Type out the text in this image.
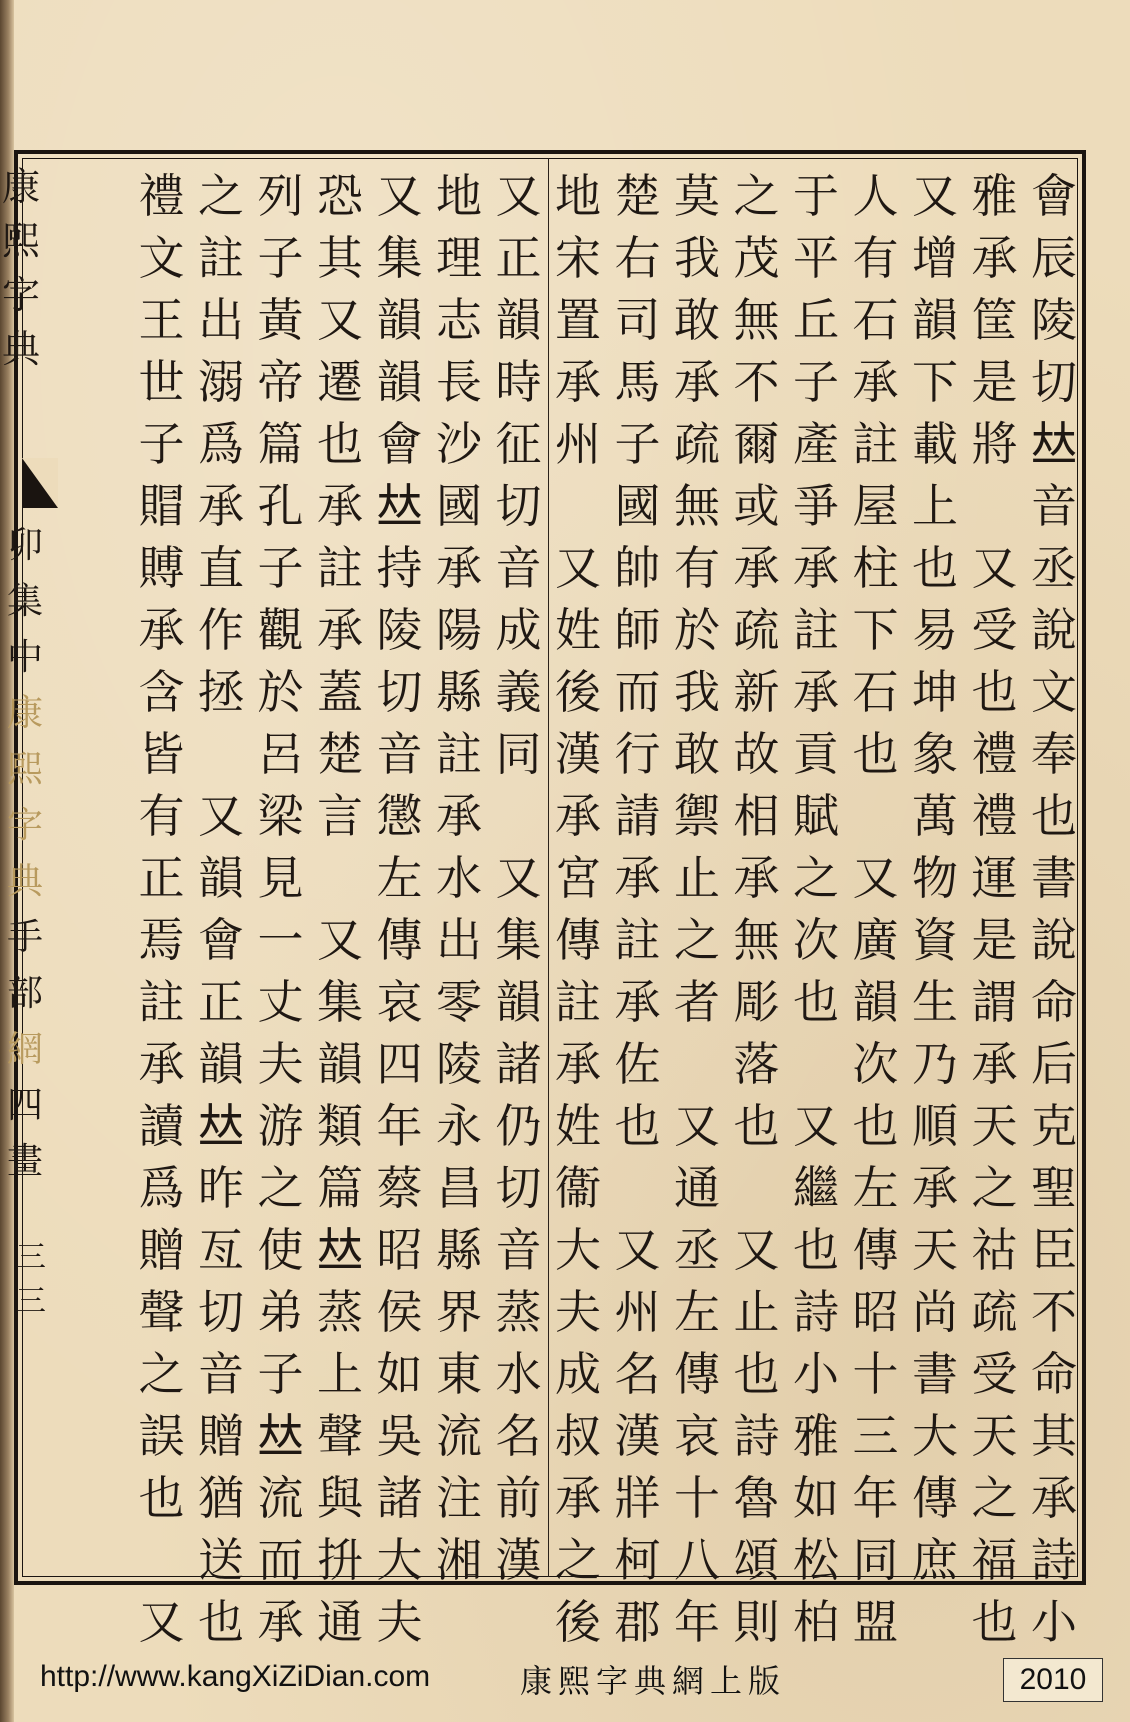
康熙字典
卯集中
康熙字典
手部
網
四畫
三三
會
辰
陵
切
𠀤
音
丞
說
文
奉
也
書
說
命
后
克
聖
臣
不
命
其
承
詩
小
雅
承
筐
是
將

又
受
也
禮
禮
運
是
謂
承
天
之
祜
疏
受
天
之
福
也
又
增
韻
下
載
上
也
易
坤
象
萬
物
資
生
乃
順
承
天
尚
書
大
傳
庶
人
有
石
承
註
屋
柱
下
石
也

又
廣
韻
次
也
左
傳
昭
十
三
年
同
盟
于
平
丘
子
產
爭
承
註
承
貢
賦
之
次
也

又
繼
也
詩
小
雅
如
松
柏
之
茂
無
不
爾
或
承
疏
新
故
相
承
無
彫
落
也

又
止
也
詩
魯
頌
則
莫
我
敢
承
疏
無
有
於
我
敢
禦
止
之
者

又
通
丞
左
傳
哀
十
八
年
楚
右
司
馬
子
國
帥
師
而
行
請
承
註
承
佐
也

又
州
名
漢
牂
柯
郡
地
宋
置
承
州

又
姓
後
漢
承
宮
傳
註
承
姓
衞
大
夫
成
叔
承
之
後
又
正
韻
時
征
切
音
成
義
同

又
集
韻
諸
仍
切
音
蒸
水
名
前
漢
地
理
志
長
沙
國
承
陽
縣
註
承
水
出
零
陵
永
昌
縣
界
東
流
注
湘
又
集
韻
韻
會
𠀤
持
陵
切
音
懲
左
傳
哀
四
年
蔡
昭
侯
如
吳
諸
大
夫
恐
其
又
遷
也
承
註
承
蓋
楚
言

又
集
韻
類
篇
𠀤
蒸
上
聲
與
抍
通
列
子
黃
帝
篇
孔
子
觀
於
呂
梁
見
一
丈
夫
游
之
使
弟
子
𠀤
流
而
承
之
註
出
溺
爲
承
直
作
拯

又
韻
會
正
韻
𠀤
昨
亙
切
音
贈
猶
送
也
禮
文
王
世
子
賵
賻
承
含
皆
有
正
焉
註
承
讀
爲
贈
聲
之
誤
也

又
http://www.kangXiZiDian.com	康熙字典網上版	2010
